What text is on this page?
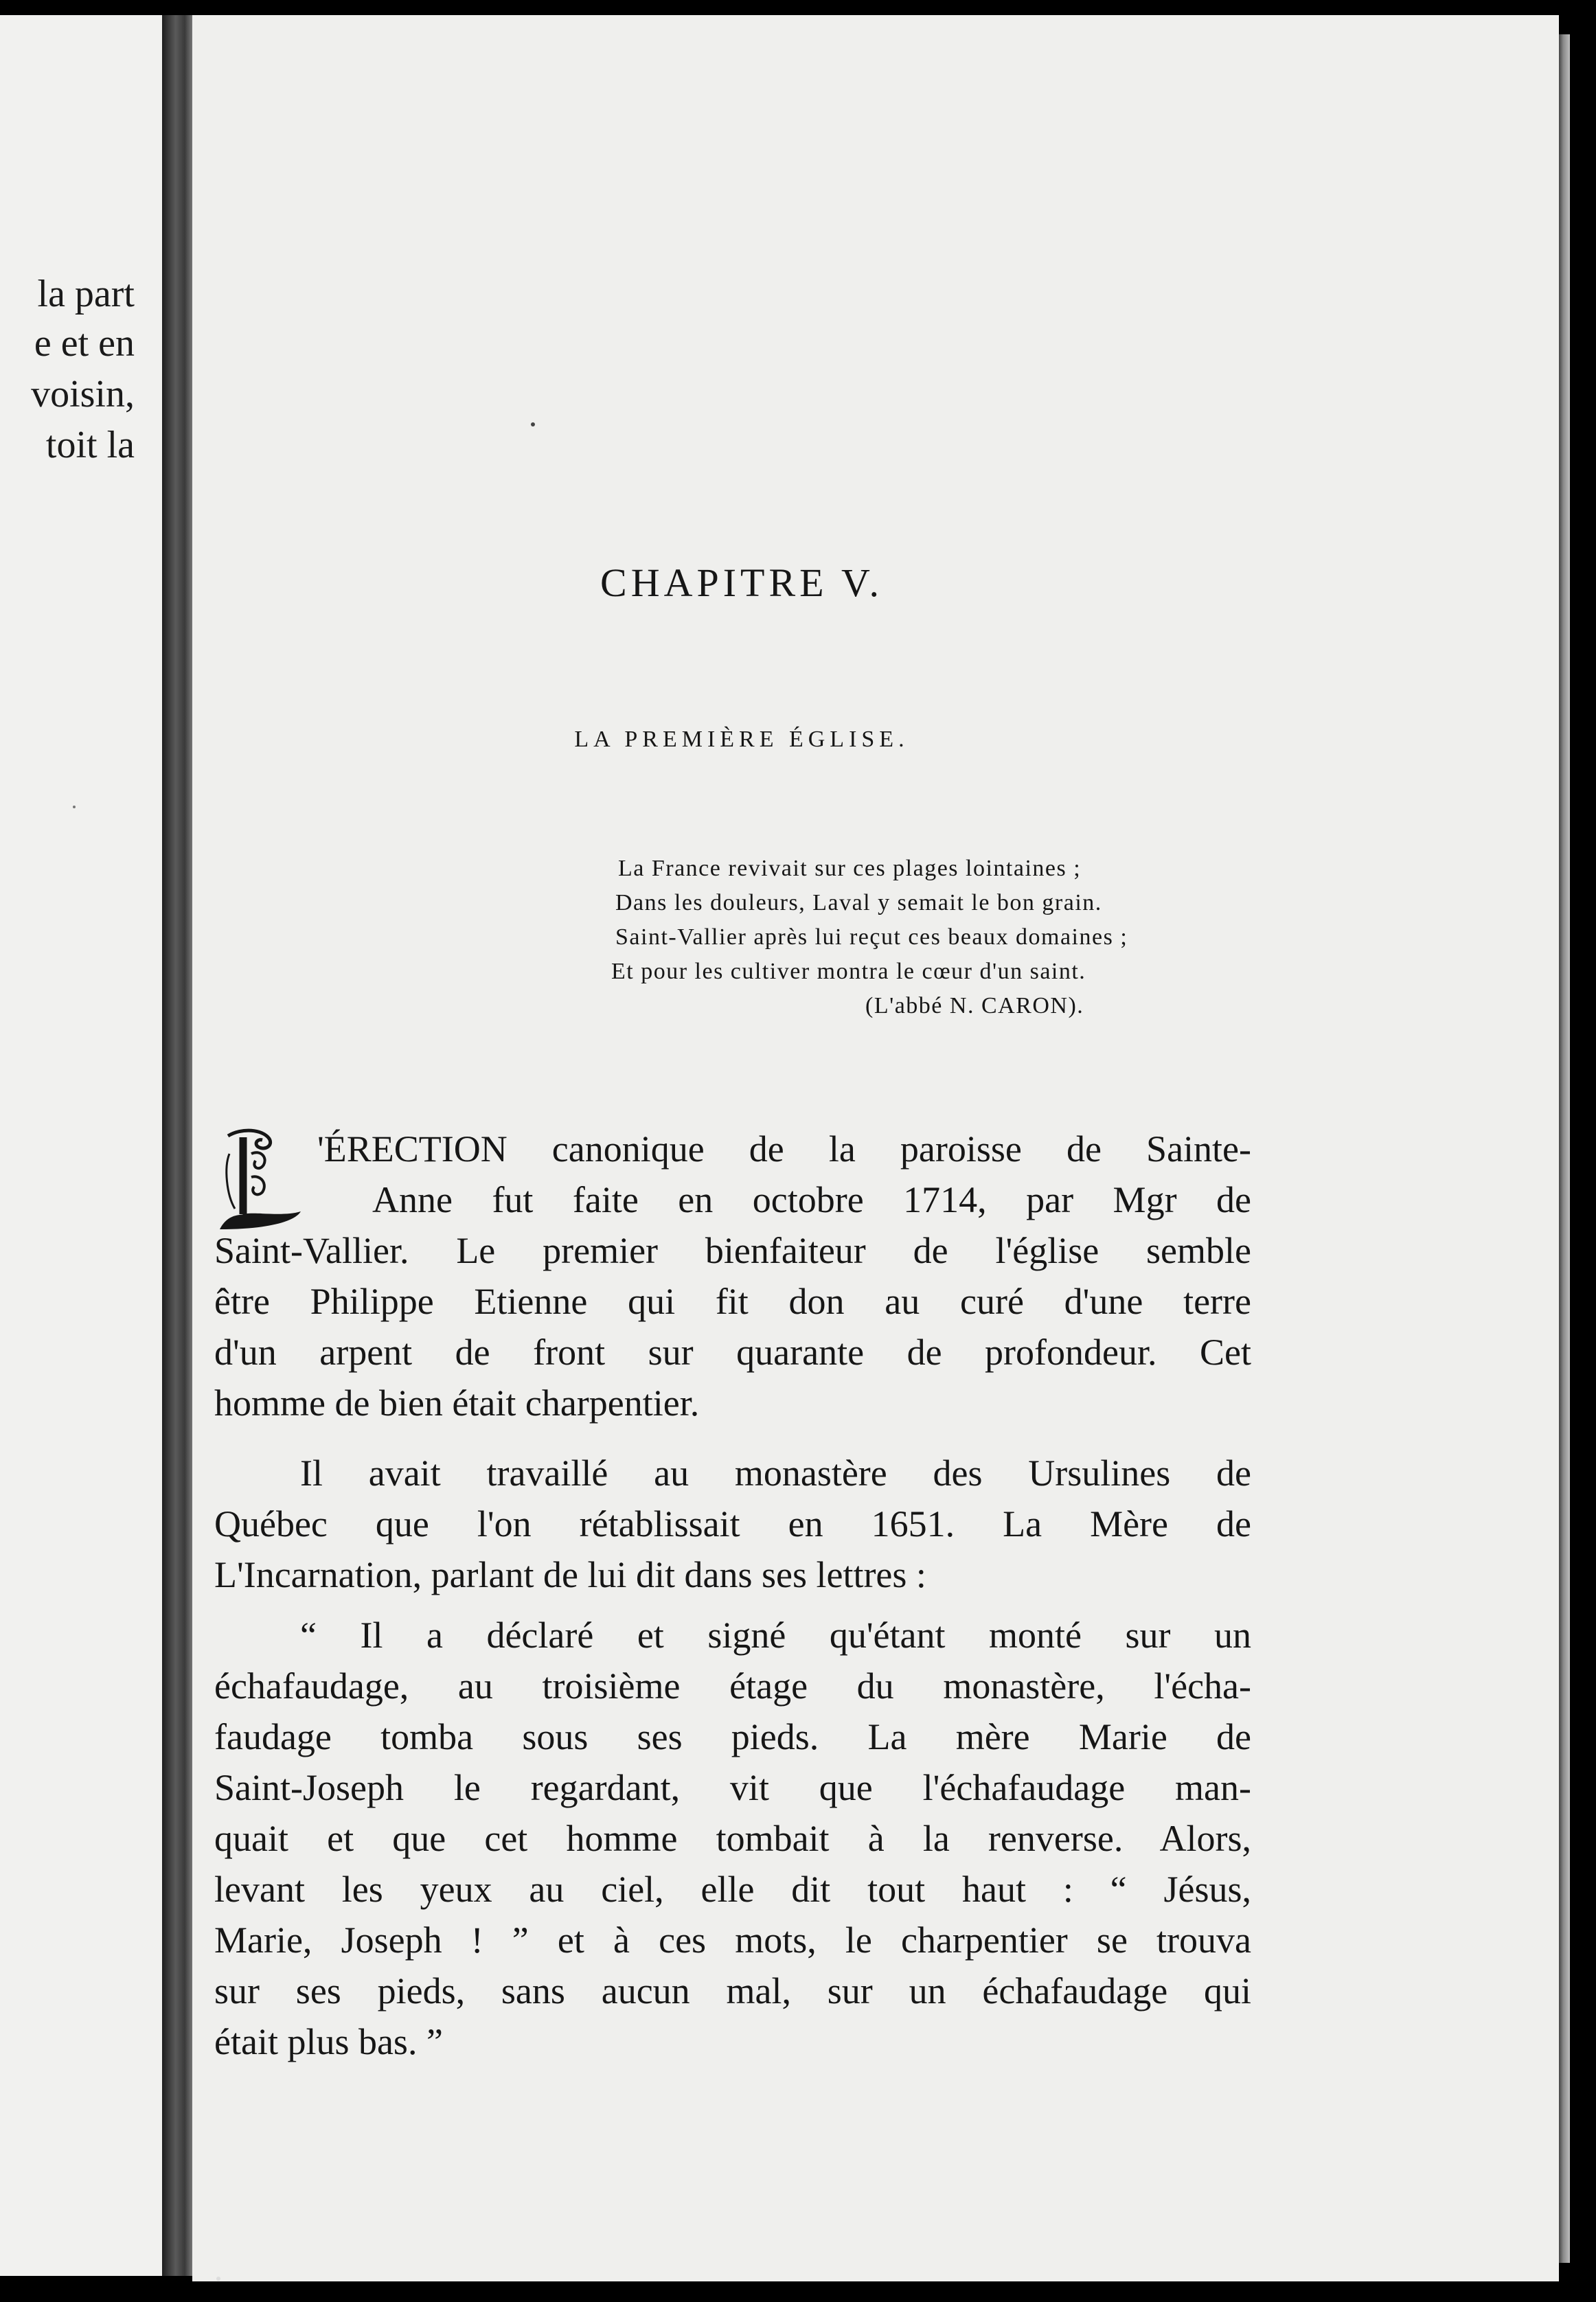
la part
e et en
voisin,
toit la
CHAPITRE V.
LA PREMIÈRE ÉGLISE.
La France revivait sur ces plages lointaines ;
Dans les douleurs, Laval y semait le bon grain.
Saint-Vallier après lui reçut ces beaux domaines ;
Et pour les cultiver montra le cœur d'un saint.
(L'abbé N. CARON).
'ÉRECTION canonique de la paroisse de Sainte-
Anne fut faite en octobre 1714, par Mgr de
Saint-Vallier. Le premier bienfaiteur de l'église semble
être Philippe Etienne qui fit don au curé d'une terre
d'un arpent de front sur quarante de profondeur. Cet
homme de bien était charpentier.
Il avait travaillé au monastère des Ursulines de
Québec que l'on rétablissait en 1651. La Mère de
L'Incarnation, parlant de lui dit dans ses lettres :
“ Il a déclaré et signé qu'étant monté sur un
échafaudage, au troisième étage du monastère, l'écha-
faudage tomba sous ses pieds. La mère Marie de
Saint-Joseph le regardant, vit que l'échafaudage man-
quait et que cet homme tombait à la renverse. Alors,
levant les yeux au ciel, elle dit tout haut : “ Jésus,
Marie, Joseph ! ” et à ces mots, le charpentier se trouva
sur ses pieds, sans aucun mal, sur un échafaudage qui
était plus bas. ”
